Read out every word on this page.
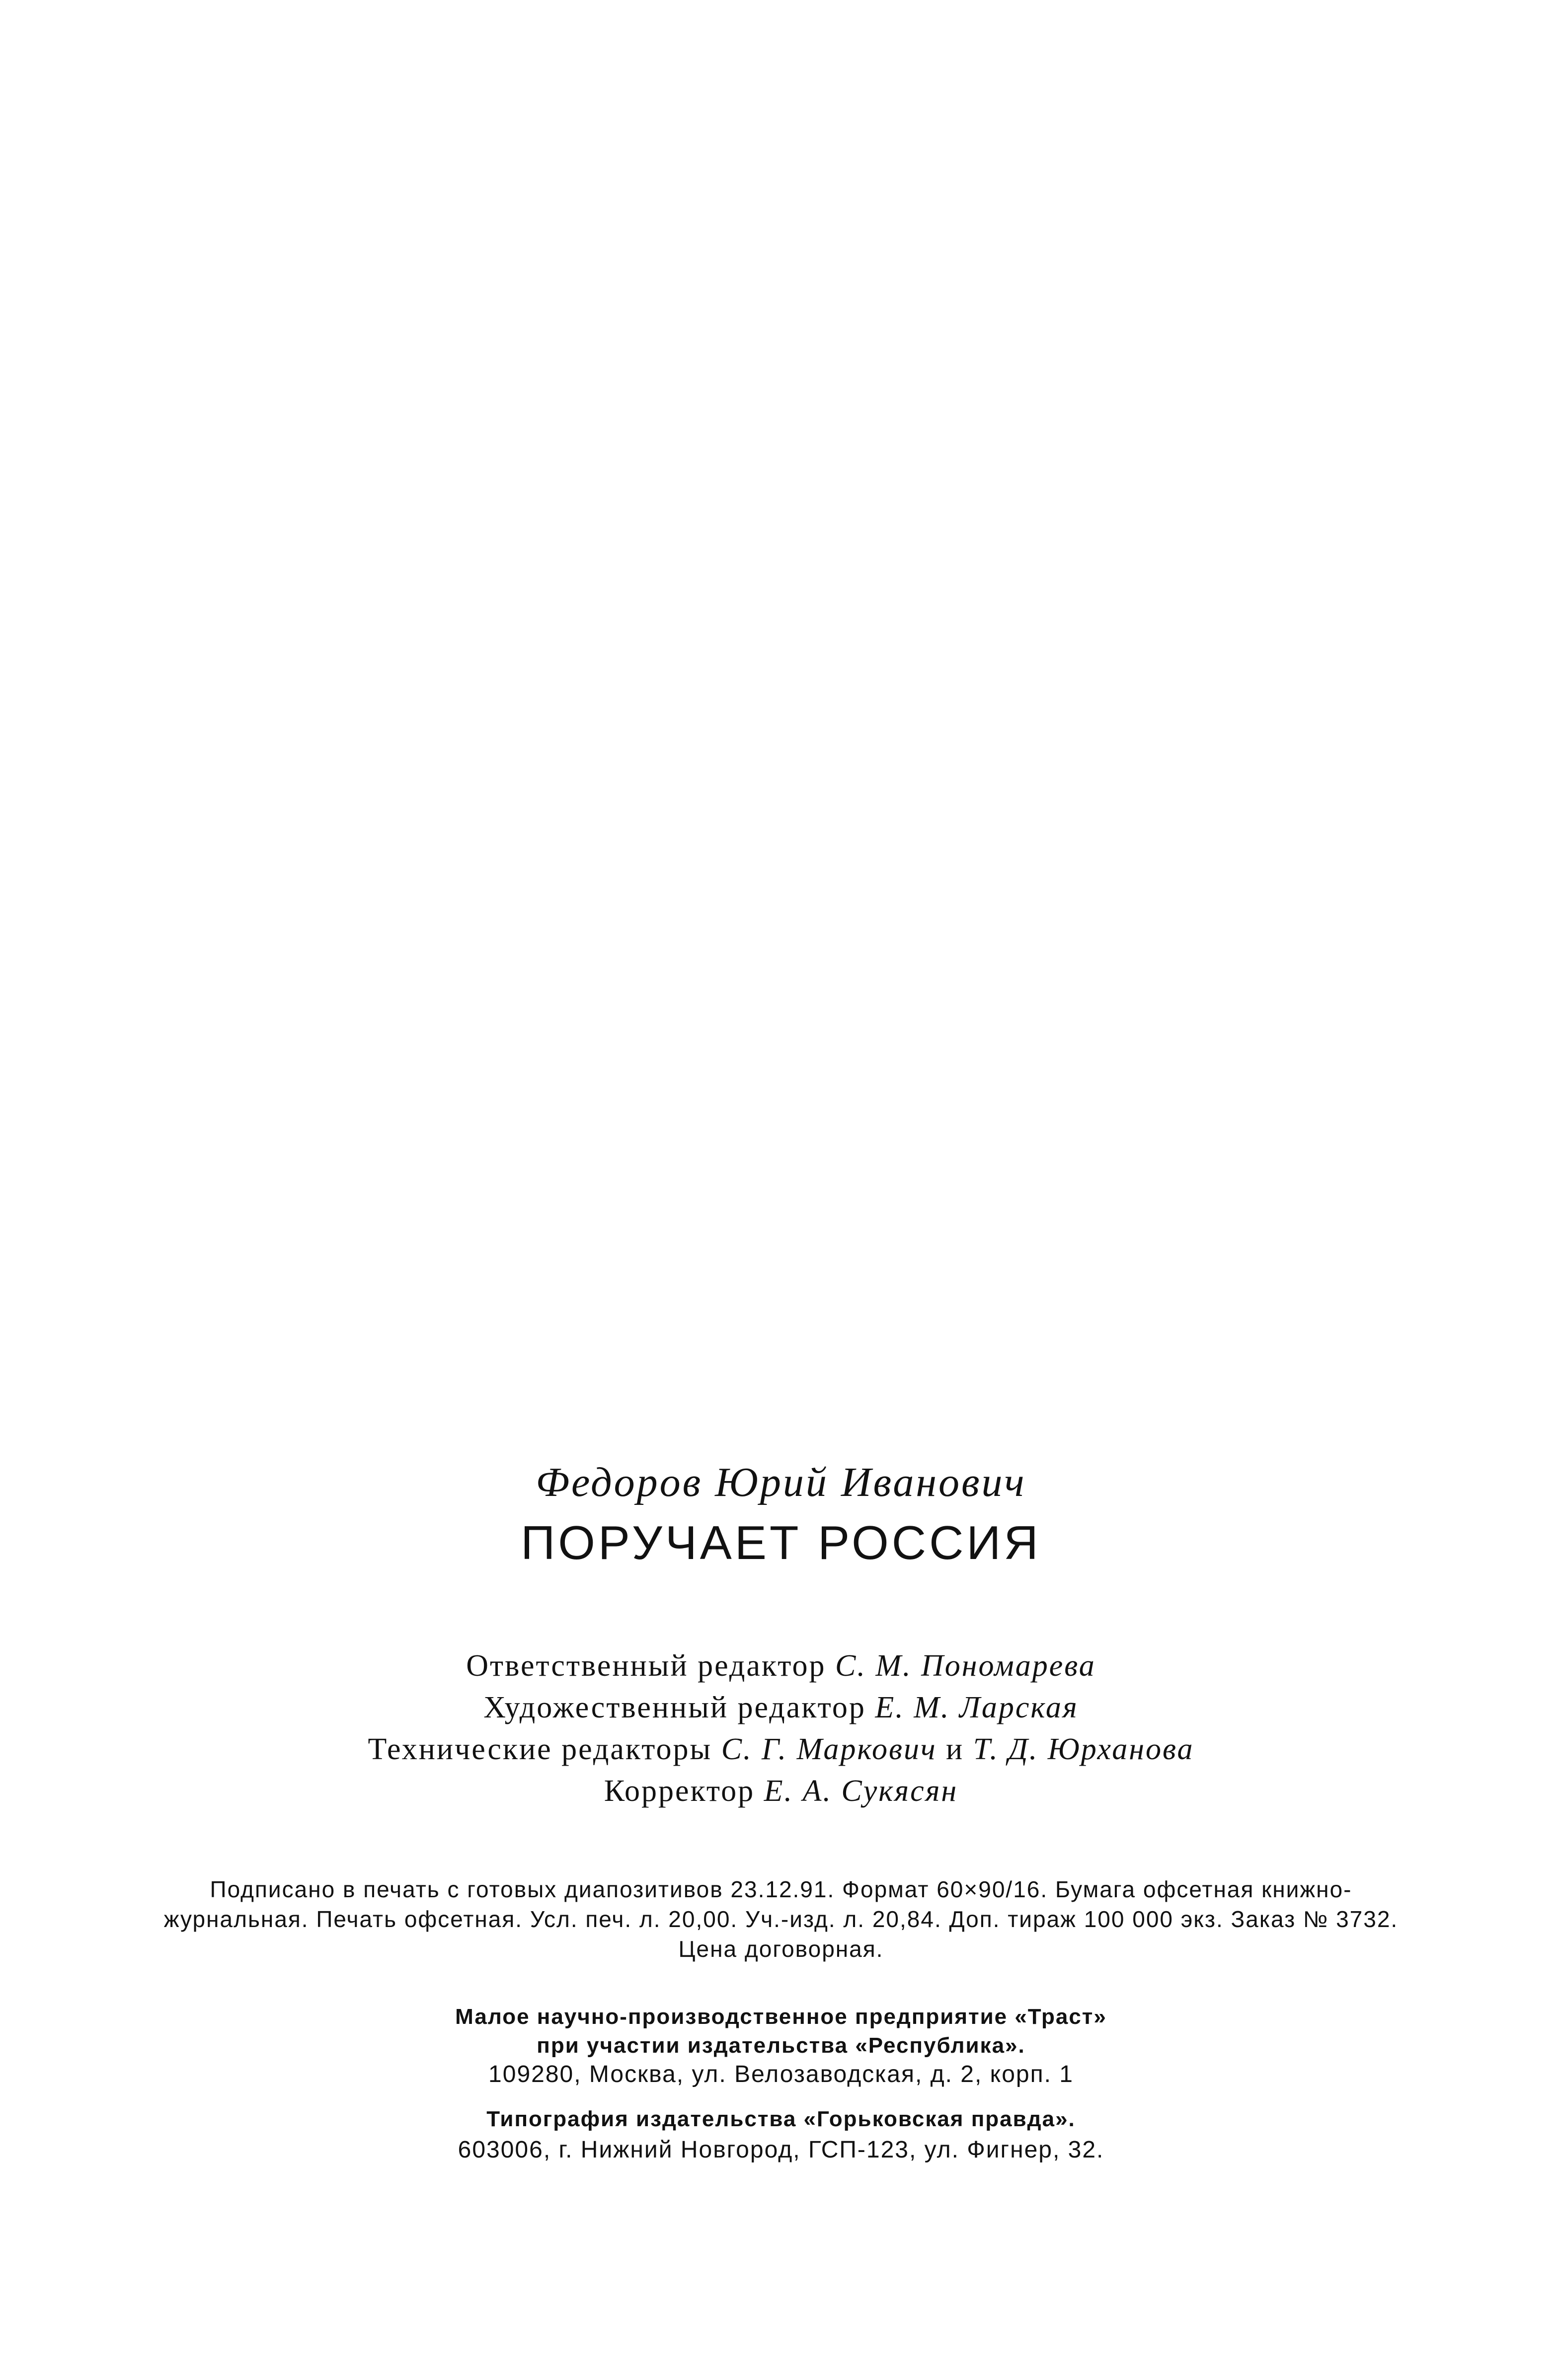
Федоров Юрий Иванович

ПОРУЧАЕТ РОССИЯ
Ответственный редактор С. М. Пономарева
Художественный редактор Е. М. Ларская
Технические редакторы С. Г. Маркович и Т. Д. Юрханова
Корректор Е. А. Сукясян
Подписано в печать с готовых диапозитивов 23.12.91. Формат 60×90/16. Бумага офсетная книжно-
журнальная. Печать офсетная. Усл. печ. л. 20,00. Уч.-изд. л. 20,84. Доп. тираж 100 000 экз. Заказ № 3732.
Цена договорная.
Малое научно-производственное предприятие «Траст»
при участии издательства «Республика».
109280, Москва, ул. Велозаводская, д. 2, корп. 1
Типография издательства «Горьковская правда».
603006, г. Нижний Новгород, ГСП-123, ул. Фигнер, 32.
